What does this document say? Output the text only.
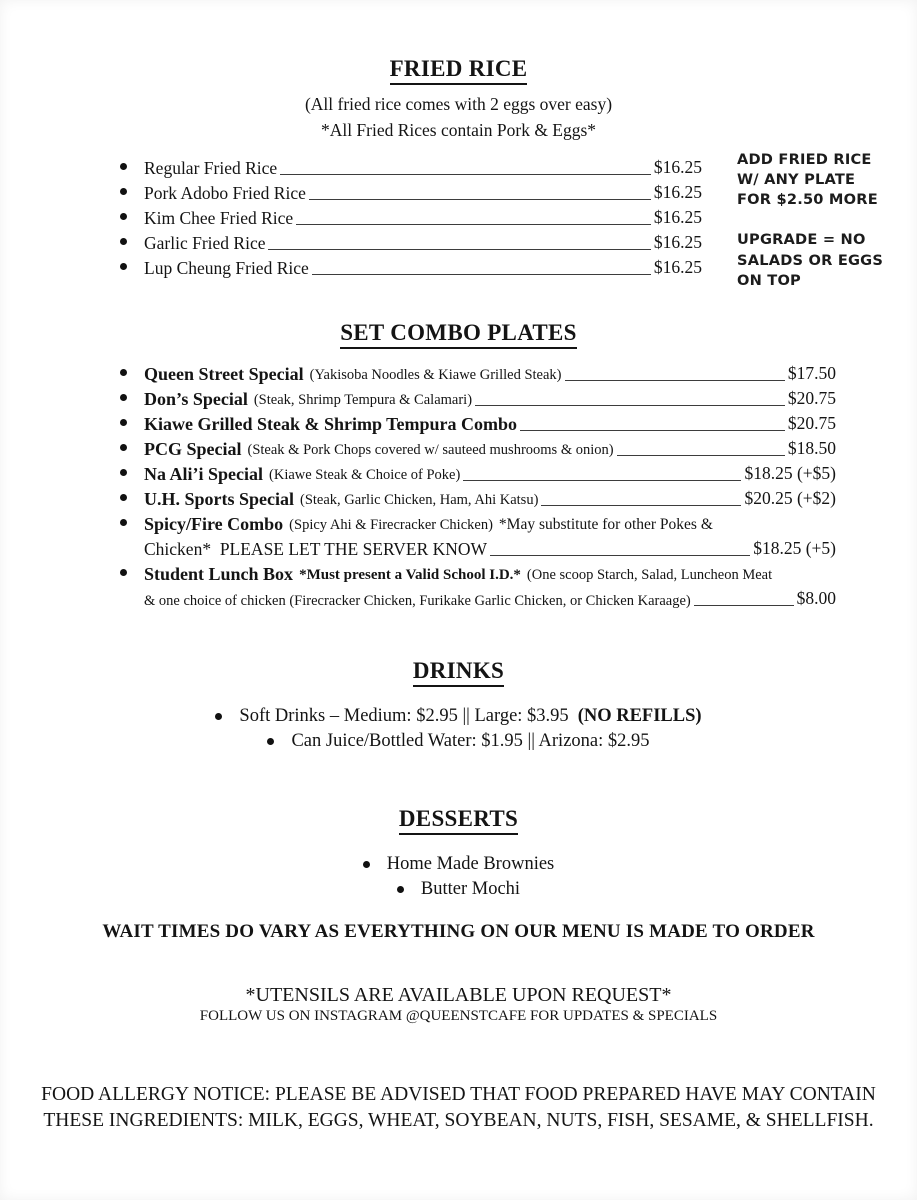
FRIED RICE
(All fried rice comes with 2 eggs over easy)
*All Fried Rices contain Pork & Eggs*
Regular Fried Rice	$16.25
Pork Adobo Fried Rice	$16.25
Kim Chee Fried Rice	$16.25
Garlic Fried Rice	$16.25
Lup Cheung Fried Rice	$16.25

ADD FRIED RICE W/ ANY PLATE FOR $2.50 MORE

UPGRADE = NO SALADS OR EGGS ON TOP

SET COMBO PLATES
Queen Street Special (Yakisoba Noodles & Kiawe Grilled Steak)	$17.50
Don’s Special (Steak, Shrimp Tempura & Calamari)	$20.75
Kiawe Grilled Steak & Shrimp Tempura Combo	$20.75
PCG Special (Steak & Pork Chops covered w/ sauteed mushrooms & onion)	$18.50
Na Ali’i Special (Kiawe Steak & Choice of Poke)	$18.25 (+$5)
U.H. Sports Special (Steak, Garlic Chicken, Ham, Ahi Katsu)	$20.25 (+$2)
Spicy/Fire Combo (Spicy Ahi & Firecracker Chicken) *May substitute for other Pokes &
Chicken*  PLEASE LET THE SERVER KNOW	$18.25 (+5)
Student Lunch Box *Must present a Valid School I.D.* (One scoop Starch, Salad, Luncheon Meat
& one choice of chicken (Firecracker Chicken, Furikake Garlic Chicken, or Chicken Karaage)	$8.00
DRINKS
Soft Drinks – Medium: $2.95 || Large: $3.95 (NO REFILLS)
Can Juice/Bottled Water: $1.95 || Arizona: $2.95
DESSERTS
Home Made Brownies
Butter Mochi
WAIT TIMES DO VARY AS EVERYTHING ON OUR MENU IS MADE TO ORDER
*UTENSILS ARE AVAILABLE UPON REQUEST*
FOLLOW US ON INSTAGRAM @QUEENSTCAFE FOR UPDATES & SPECIALS
FOOD ALLERGY NOTICE: PLEASE BE ADVISED THAT FOOD PREPARED HAVE MAY CONTAIN THESE INGREDIENTS: MILK, EGGS, WHEAT, SOYBEAN, NUTS, FISH, SESAME, & SHELLFISH.
